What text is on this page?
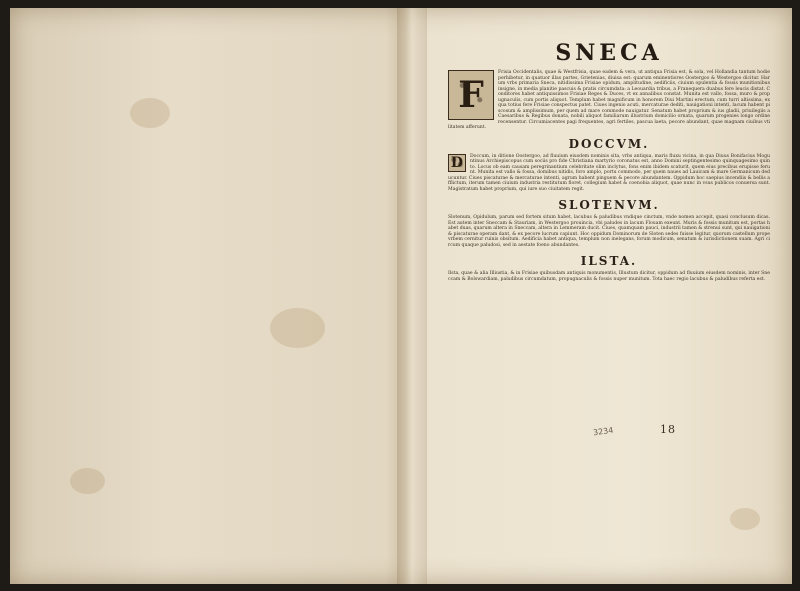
SNECA
F

Frisia Occidentalis, quae & Westfrisia, quae eadem & vera, ut antiqua Frisia est, & sola, vel Hollandia tantum hodie perhibetur, in quatuor illas partes, Grietenias, diuisa est: quarum eminentiores Oostergoo & Westergoo dicitur. Harum vrbs primaria Sneca, nitidissima Frisiae opidum, amplitudine, aedificiis, ciuium opulentia & fossis munitionibus insigne, in media planitie pascuis & pratis circumdata: a Leouardia tribus, a Franequera duabus fere leucis distat. Conditores habet antiquissimos Frisiae Reges & Duces, vt ex annalibus constat. Munita est vallo, fossa, muro & propugnaculis, cum portis aliquot. Templum habet magnificum in honorem Diui Martini erectum, cum turri altissima, ex qua totius fere Frisiae conspectus patet. Ciues ingenio acuti, mercaturae dediti, nauigationi intenti, lacum habent piscosum & amplissimum, per quem ad mare commode nauigatur. Senatum habet proprium & ius gladii, priuilegiis a Caesaribus & Regibus donata, nobili aliquot familiarum illustrium domicilio ornata, quarum progenies longo ordine recensentur. Circumiacentes pagi frequentes, agri fertiles, pascua laeta, pecore abundant, quae magnam ciuibus vtilitatem afferunt.

DOCCVM.
D	Doccum, in ditione Oostergoo, ad fluuium eiusdem nominis sita, vrbs antiqua, maris fluxu vicina, in qua Diuus Bonifacius Moguntinus Archiepiscopus cum sociis pro fide Christiana martyrio coronatus est, anno Domini septingentesimo quinquagesimo quinto. Locus ob eam causam peregrinantium celebritate olim inclytus, fons enim ibidem scaturit, quem eius precibus erupisse ferunt. Munita est vallo & fossa, domibus nitidis, foro amplo, portu commodo, per quem naues ad Lauicam & mare Germanicum deducuntur. Ciues piscaturae & mercaturae intenti, agrum habent pinguem & pecore abundantem. Oppidum hoc saepius incendiis & bellis afflictum, iterum tamen ciuium industria restitutum floret, collegium habet & coenobia aliquot, quae nunc in vsus publicos conuersa sunt. Magistratum habet proprium, qui iure suo ciuitatem regit.

SLOTENVM.

Slotenum, Opidulum, parum sed fortem situm habet, lacubus & paludibus vndique cinctum, vnde nomen accepit, quasi conclusum dicas. Est autem inter Sneccam & Stauriam, in Westergoo prouincia, vbi paludes in lacum Flouam exeunt. Muris & fossis munitum est, portas habet duas, quarum altera in Sneccam, altera in Lemmeram ducit. Ciues, quamquam pauci, industrii tamen & strenui sunt, qui nauigationi & piscaturae operam dant, & ex pecore lucrum capiunt. Hoc oppidum Dominorum de Sloten sedes fuisse legitur, quorum castellum prope vrbem cernitur ruinis obsitum. Aedificia habet antiqua, templum non inelegans, forum modicum, senatum & iurisdictionem suam. Agri circum quaque paludosi, sed in aestate foeno abundantes.

ILSTA.

Ilsta, quae & alia Illiustia, & in Frisiae quibusdam antiquis monumentis, Illustum dicitur, oppidum ad fluuium eiusdem nominis, inter Sneccam & Bolswardiam, paludibus circumdatum, propugnaculis & fossis nuper munitum. Tota haec regio lacubus & paludibus referta est.

3234	18
